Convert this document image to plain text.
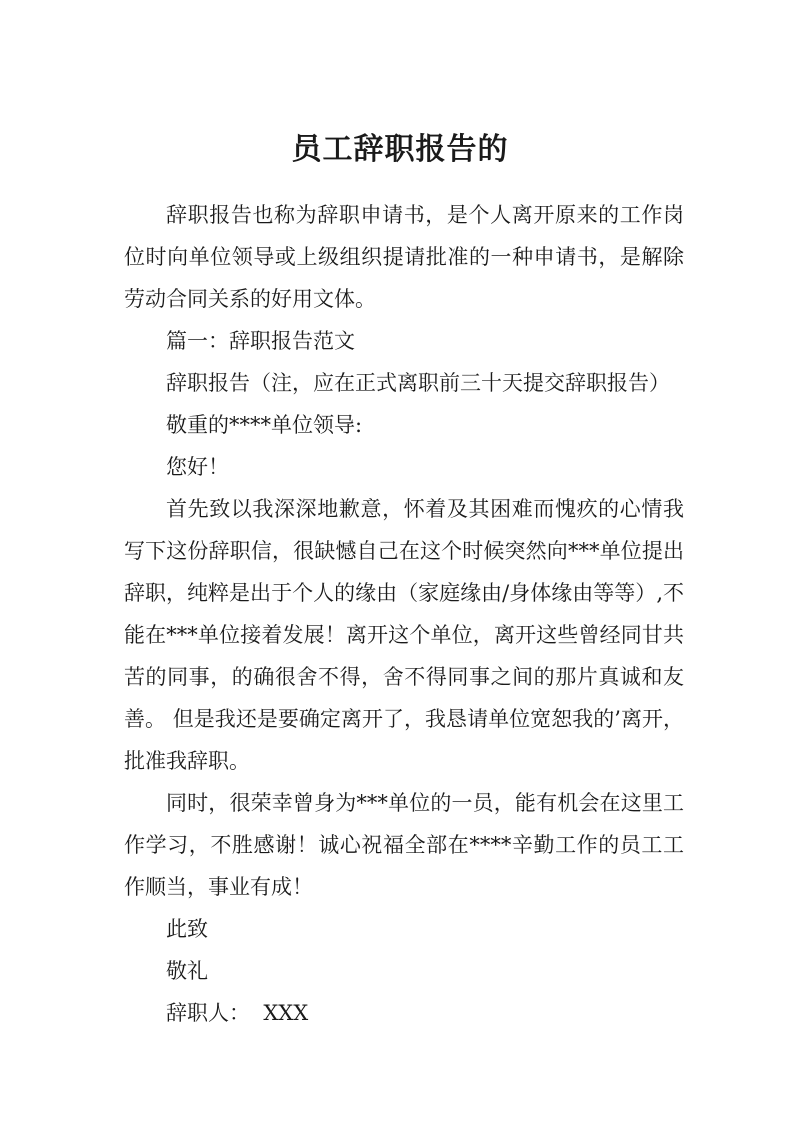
员工辞职报告的

辞职报告也称为辞职申请书，是个人离开原来的工作岗位时向单位领导或上级组织提请批准的一种申请书，是解除劳动合同关系的好用文体。

篇一：辞职报告范文

辞职报告（注，应在正式离职前三十天提交辞职报告）

敬重的****单位领导:

您好！

首先致以我深深地歉意，怀着及其困难而愧疚的心情我写下这份辞职信，很缺憾自己在这个时候突然向***单位提出辞职，纯粹是出于个人的缘由（家庭缘由/身体缘由等等）,不能在***单位接着发展！离开这个单位，离开这些曾经同甘共苦的同事，的确很舍不得，舍不得同事之间的那片真诚和友善。 但是我还是要确定离开了，我恳请单位宽恕我的’离开，批准我辞职。

同时，很荣幸曾身为***单位的一员，能有机会在这里工作学习，不胜感谢！诚心祝福全部在****辛勤工作的员工工作顺当，事业有成！

此致

敬礼

辞职人：  XXX
